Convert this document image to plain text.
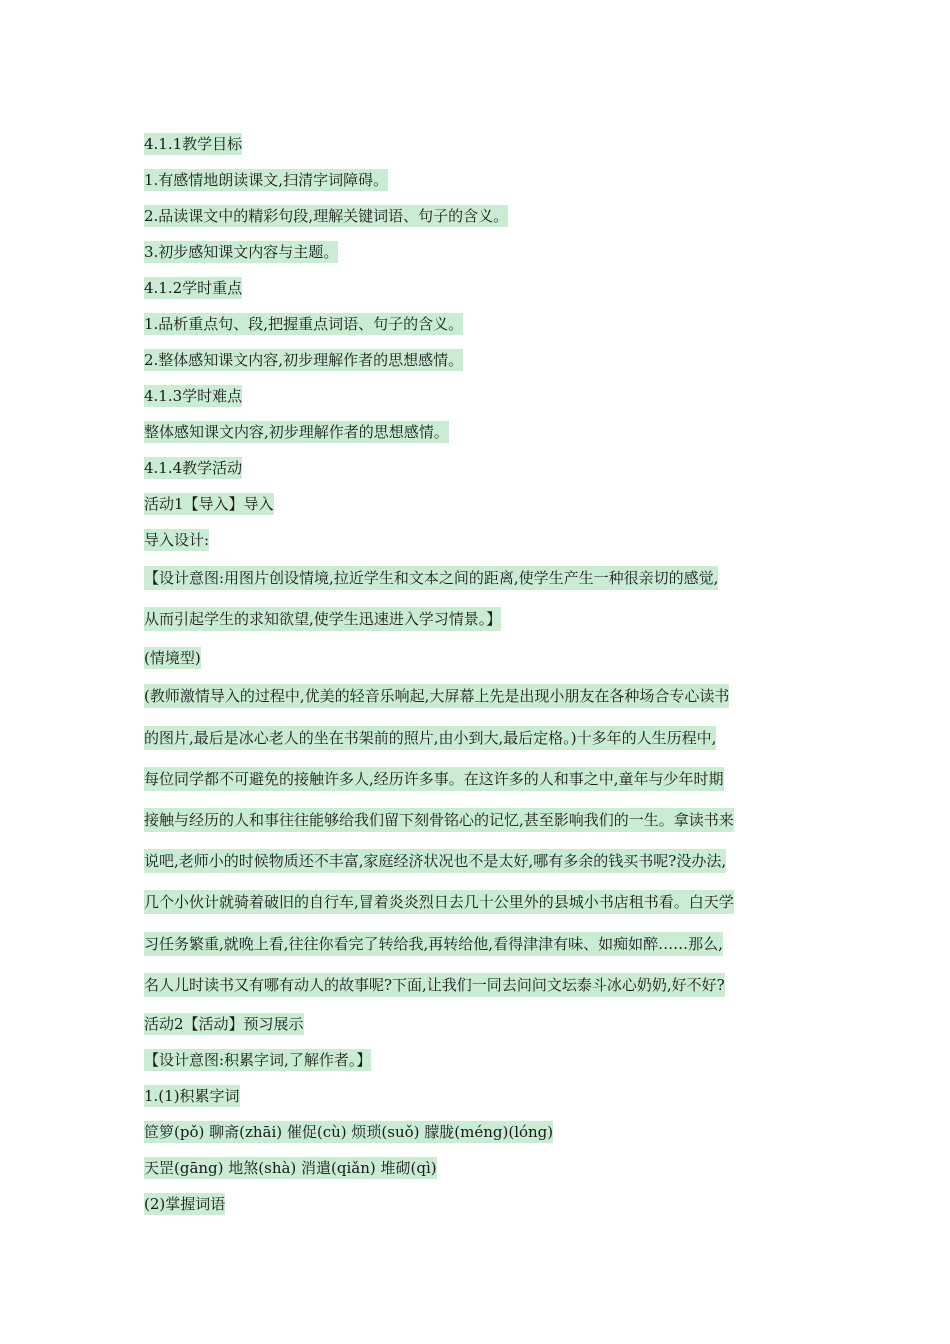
4.1.1教学目标
1.有感情地朗读课文,扫清字词障碍。
2.品读课文中的精彩句段,理解关键词语、句子的含义。
3.初步感知课文内容与主题。
4.1.2学时重点
1.品析重点句、段,把握重点词语、句子的含义。
2.整体感知课文内容,初步理解作者的思想感情。
4.1.3学时难点
整体感知课文内容,初步理解作者的思想感情。
4.1.4教学活动
活动1【导入】导入
导入设计:
【设计意图:用图片创设情境,拉近学生和文本之间的距离,使学生产生一种很亲切的感觉,
从而引起学生的求知欲望,使学生迅速进入学习情景。】
(情境型)
(教师激情导入的过程中,优美的轻音乐响起,大屏幕上先是出现小朋友在各种场合专心读书
的图片,最后是冰心老人的坐在书架前的照片,由小到大,最后定格。)十多年的人生历程中,
每位同学都不可避免的接触许多人,经历许多事。在这许多的人和事之中,童年与少年时期
接触与经历的人和事往往能够给我们留下刻骨铭心的记忆,甚至影响我们的一生。拿读书来
说吧,老师小的时候物质还不丰富,家庭经济状况也不是太好,哪有多余的钱买书呢?没办法,
几个小伙计就骑着破旧的自行车,冒着炎炎烈日去几十公里外的县城小书店租书看。白天学
习任务繁重,就晚上看,往往你看完了转给我,再转给他,看得津津有味、如痴如醉……那么,
名人儿时读书又有哪有动人的故事呢?下面,让我们一同去问问文坛泰斗冰心奶奶,好不好?
活动2【活动】预习展示
【设计意图:积累字词,了解作者。】
1.(1)积累字词
笸箩(pǒ) 聊斋(zhāi) 催促(cù) 烦琐(suǒ) 朦胧(méng)(lóng)
天罡(gāng) 地煞(shà) 消遣(qiǎn) 堆砌(qì)
(2)掌握词语
